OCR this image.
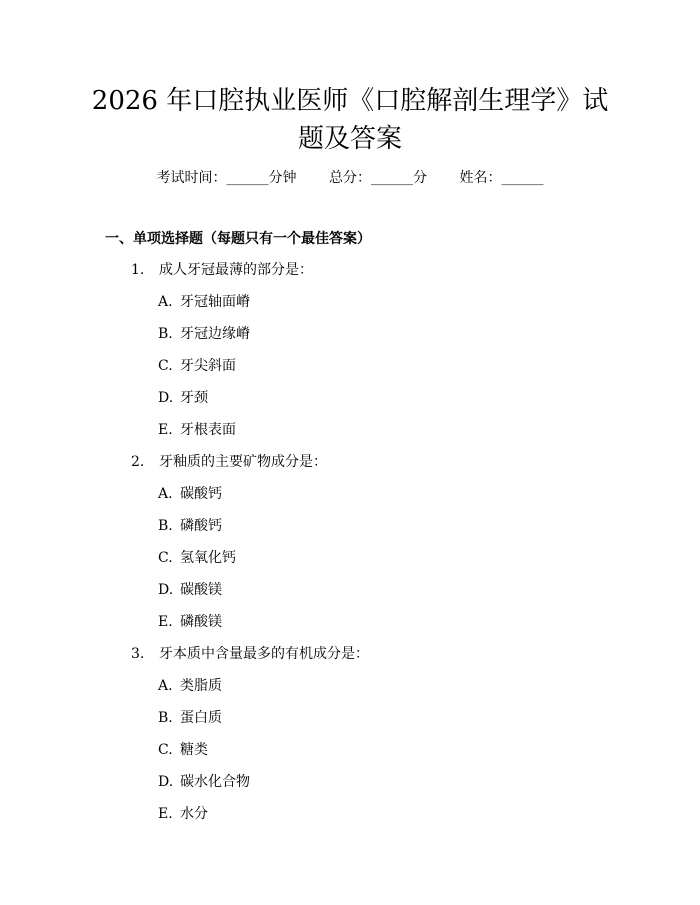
2026 年口腔执业医师《口腔解剖生理学》试
题及答案
考试时间：______分钟 总分：______分 姓名：______
一、单项选择题（每题只有一个最佳答案）
1. 成人牙冠最薄的部分是：
A. 牙冠轴面嵴
B. 牙冠边缘嵴
C. 牙尖斜面
D. 牙颈
E. 牙根表面
2. 牙釉质的主要矿物成分是：
A. 碳酸钙
B. 磷酸钙
C. 氢氧化钙
D. 碳酸镁
E. 磷酸镁
3. 牙本质中含量最多的有机成分是：
A. 类脂质
B. 蛋白质
C. 糖类
D. 碳水化合物
E. 水分
